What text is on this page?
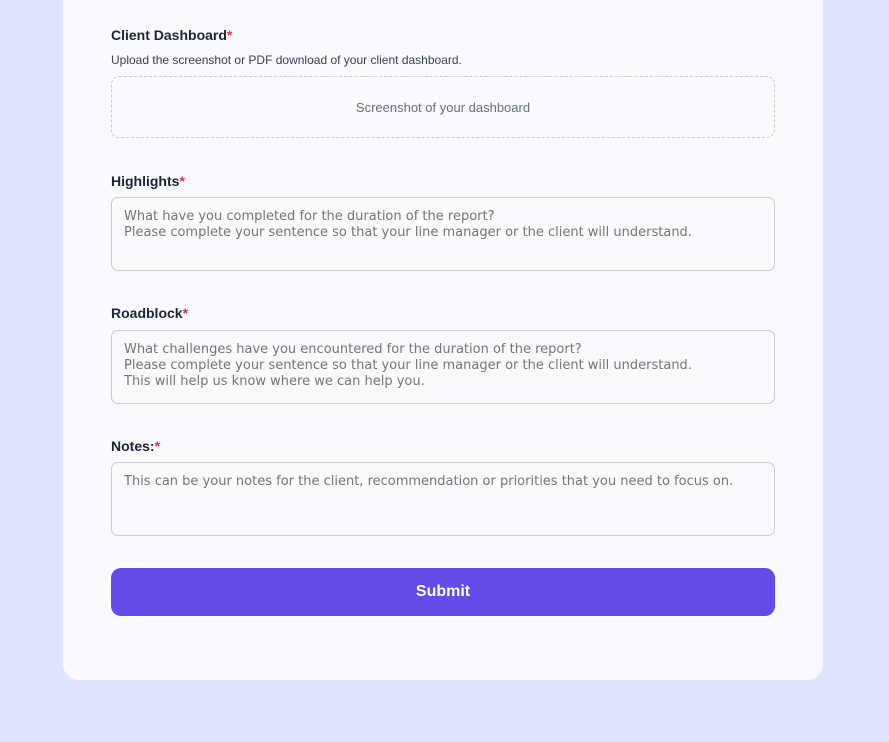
Client Dashboard*

Upload the screenshot or PDF download of your client dashboard.
Screenshot of your dashboard

Highlights*

What have you completed for the duration of the report? Please complete your sentence so that your line manager or the client will understand.

Roadblock*

What challenges have you encountered for the duration of the report? Please complete your sentence so that your line manager or the client will understand. This will help us know where we can help you.

Notes:*

This can be your notes for the client, recommendation or priorities that you need to focus on.
Submit
